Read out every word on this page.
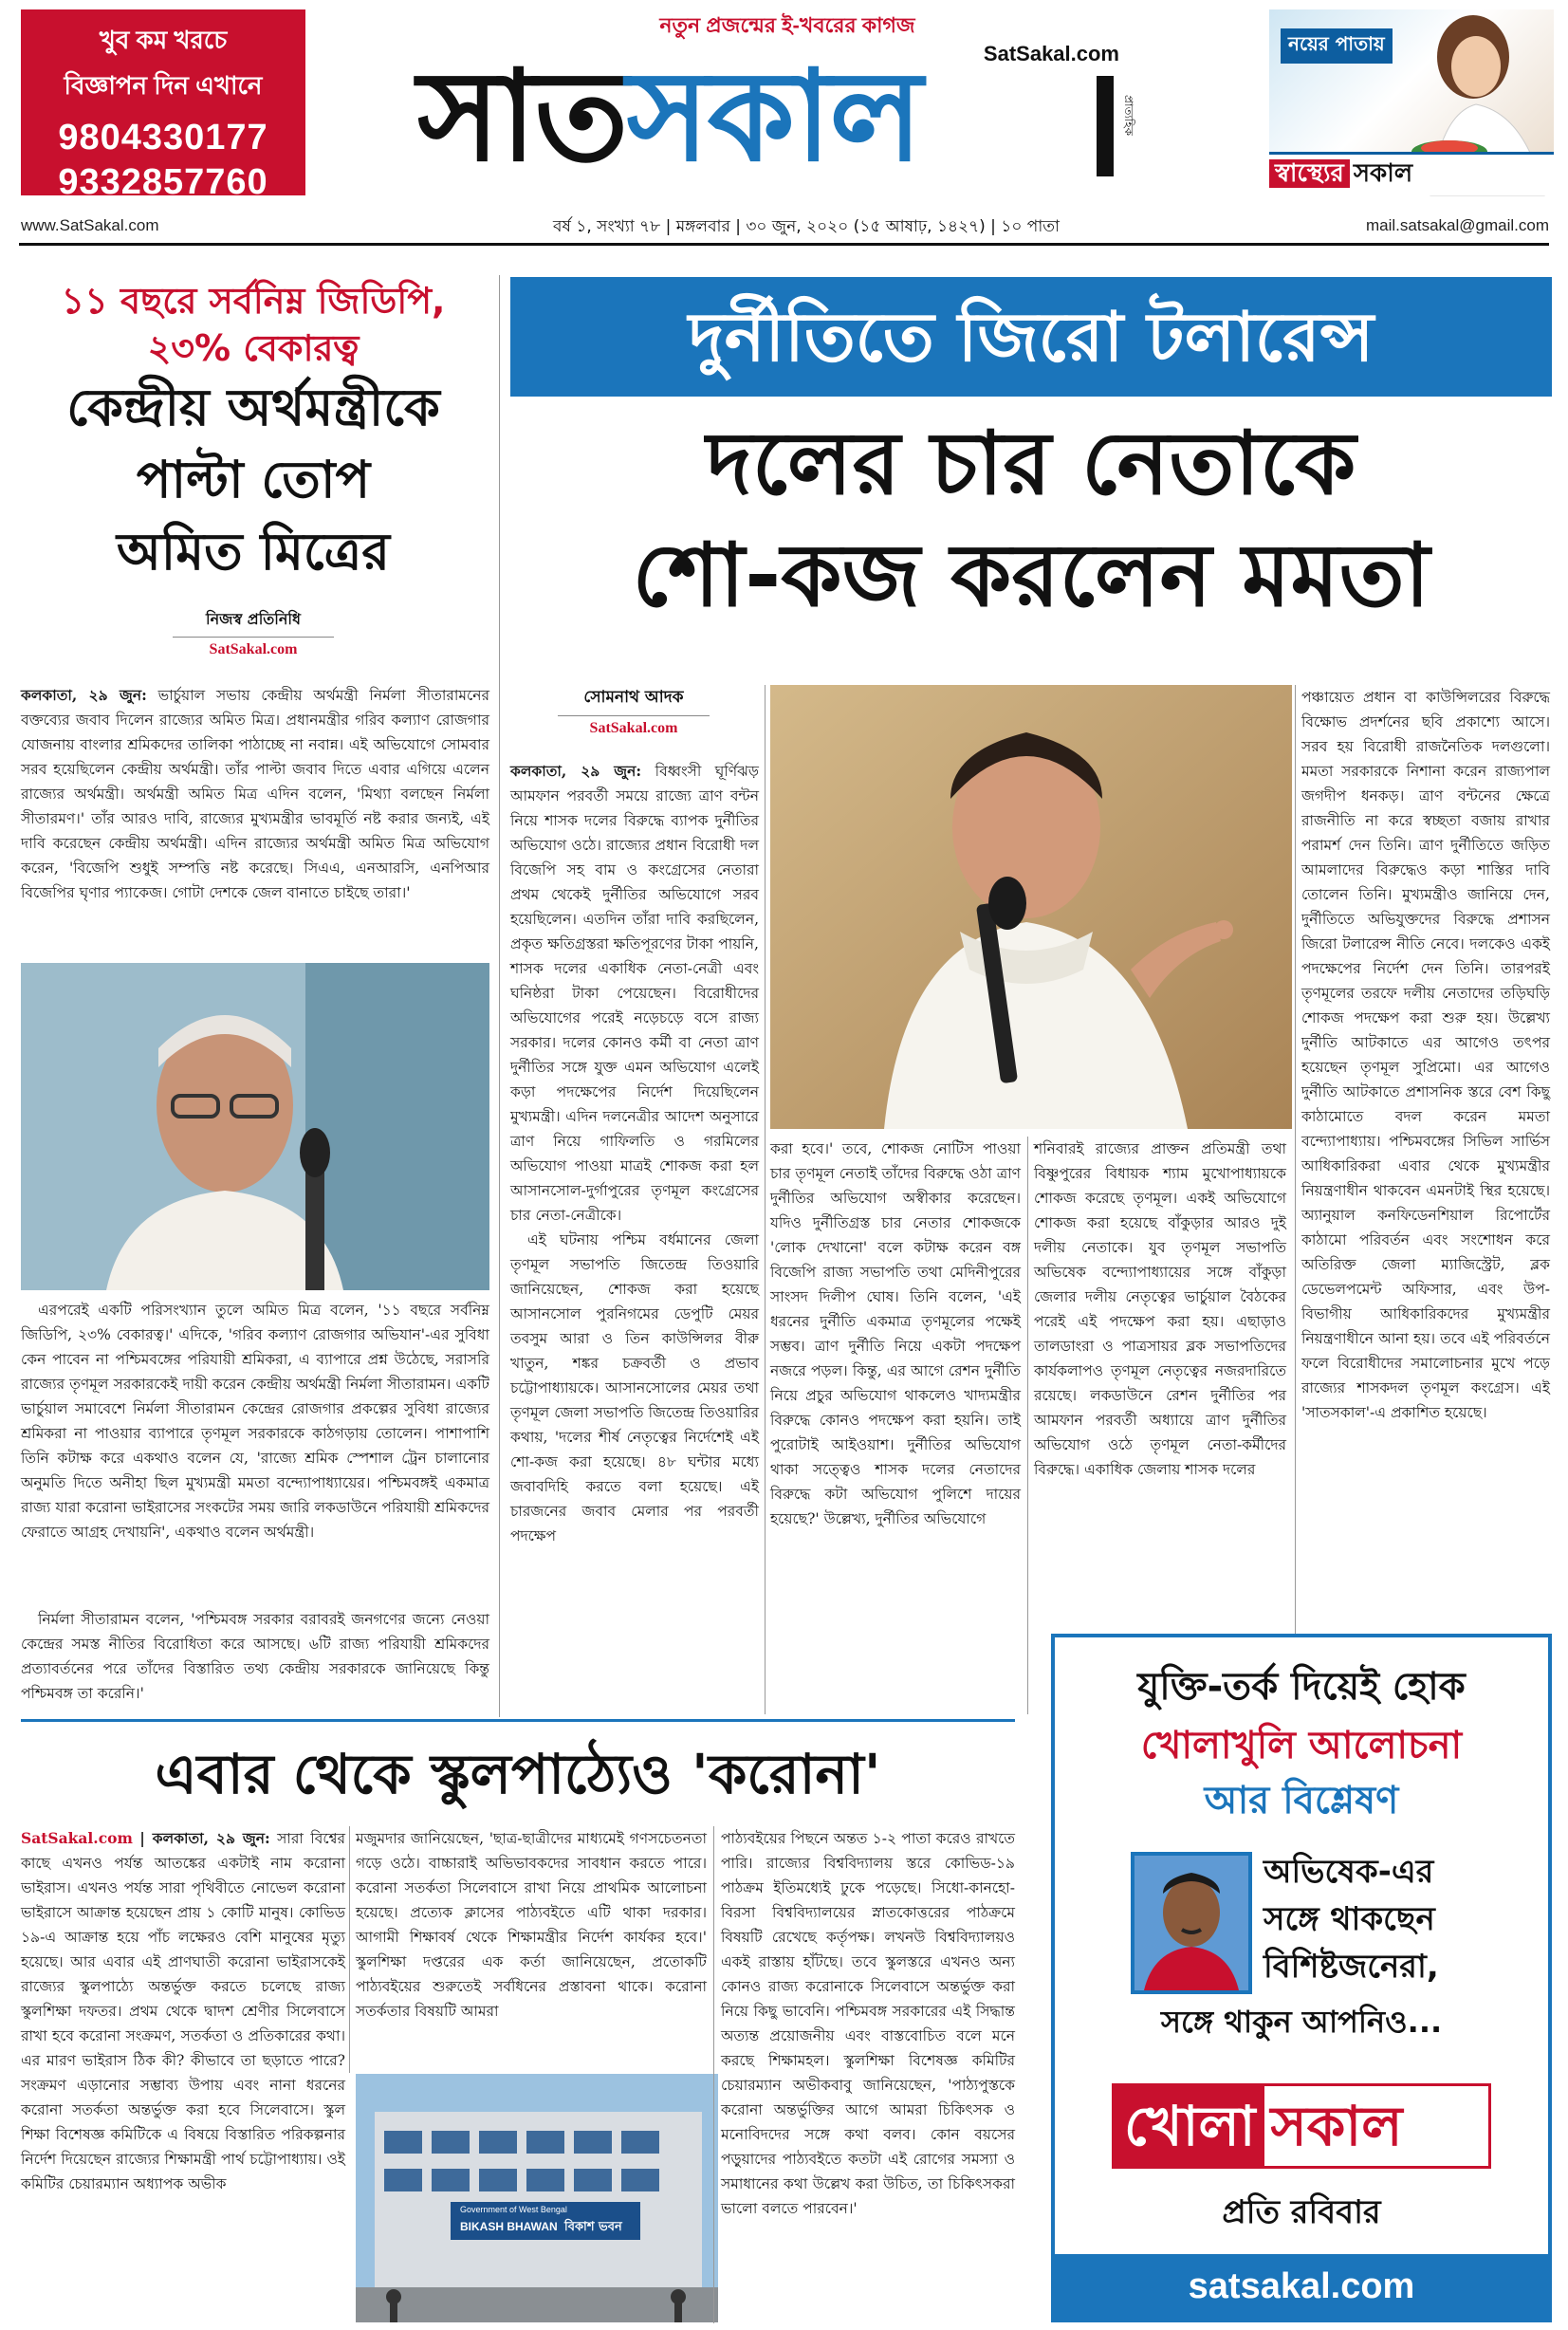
খুব কম খরচে
বিজ্ঞাপন দিন এখানে
9804330177
9332857760
নতুন প্রজন্মের ই-খবরের কাগজ
SatSakal.com
সাতসকাল	প্রাত্যহিক
নয়ের পাতায়
স্বাস্থ্যের সকাল
www.SatSakal.com	বর্ষ ১, সংখ্যা ৭৮ | মঙ্গলবার | ৩০ জুন, ২০২০ (১৫ আষাঢ়, ১৪২৭) | ১০ পাতা	mail.satsakal@gmail.com
১১ বছরে সর্বনিম্ন জিডিপি,
২৩% বেকারত্ব
কেন্দ্রীয় অর্থমন্ত্রীকে
পাল্টা তোপ
অমিত মিত্রের
নিজস্ব প্রতিনিধি
SatSakal.com

কলকাতা, ২৯ জুন: ভার্চুয়াল সভায় কেন্দ্রীয় অর্থমন্ত্রী নির্মলা সীতারামনের বক্তব্যের জবাব দিলেন রাজ্যের অমিত মিত্র। প্রধানমন্ত্রীর গরিব কল্যাণ রোজগার যোজনায় বাংলার শ্রমিকদের তালিকা পাঠাচ্ছে না নবান্ন। এই অভিযোগে সোমবার সরব হয়েছিলেন কেন্দ্রীয় অর্থমন্ত্রী। তাঁর পাল্টা জবাব দিতে এবার এগিয়ে এলেন রাজ্যের অর্থমন্ত্রী। অর্থমন্ত্রী অমিত মিত্র এদিন বলেন, 'মিথ্যা বলছেন নির্মলা সীতারমণ।' তাঁর আরও দাবি, রাজ্যের মুখ্যমন্ত্রীর ভাবমূর্তি নষ্ট করার জন্যই, এই দাবি করেছেন কেন্দ্রীয় অর্থমন্ত্রী। এদিন রাজ্যের অর্থমন্ত্রী অমিত মিত্র অভিযোগ করেন, 'বিজেপি শুধুই সম্পত্তি নষ্ট করেছে। সিএএ, এনআরসি, এনপিআর বিজেপির ঘৃণার প্যাকেজ। গোটা দেশকে জেল বানাতে চাইছে তারা।'

এরপরেই একটি পরিসংখ্যান তুলে অমিত মিত্র বলেন, '১১ বছরে সর্বনিম্ন জিডিপি, ২৩% বেকারত্ব।' এদিকে, 'গরিব কল্যাণ রোজগার অভিযান'-এর সুবিধা কেন পাবেন না পশ্চিমবঙ্গের পরিযায়ী শ্রমিকরা, এ ব্যাপারে প্রশ্ন উঠেছে, সরাসরি রাজ্যের তৃণমূল সরকারকেই দায়ী করেন কেন্দ্রীয় অর্থমন্ত্রী নির্মলা সীতারামন। একটি ভার্চুয়াল সমাবেশে নির্মলা সীতারামন কেন্দ্রের রোজগার প্রকল্পের সুবিধা রাজ্যের শ্রমিকরা না পাওয়ার ব্যাপারে তৃণমূল সরকারকে কাঠগড়ায় তোলেন। পাশাপাশি তিনি কটাক্ষ করে একথাও বলেন যে, 'রাজ্যে শ্রমিক স্পেশাল ট্রেন চালানোর অনুমতি দিতে অনীহা ছিল মুখ্যমন্ত্রী মমতা বন্দ্যোপাধ্যায়ের। পশ্চিমবঙ্গই একমাত্র রাজ্য যারা করোনা ভাইরাসের সংকটের সময় জারি লকডাউনে পরিযায়ী শ্রমিকদের ফেরাতে আগ্রহ দেখায়নি', একথাও বলেন অর্থমন্ত্রী।

নির্মলা সীতারামন বলেন, 'পশ্চিমবঙ্গ সরকার বরাবরই জনগণের জন্যে নেওয়া কেন্দ্রের সমস্ত নীতির বিরোধিতা করে আসছে। ৬টি রাজ্য পরিযায়ী শ্রমিকদের প্রত্যাবর্তনের পরে তাঁদের বিস্তারিত তথ্য কেন্দ্রীয় সরকারকে জানিয়েছে কিন্তু পশ্চিমবঙ্গ তা করেনি।'

দুর্নীতিতে জিরো টলারেন্স
দলের চার নেতাকে
শো-কজ করলেন মমতা
সোমনাথ আদক
SatSakal.com

কলকাতা, ২৯ জুন: বিধ্বংসী ঘূর্ণিঝড় আমফান পরবর্তী সময়ে রাজ্যে ত্রাণ বন্টন নিয়ে শাসক দলের বিরুদ্ধে ব্যাপক দুর্নীতির অভিযোগ ওঠে। রাজ্যের প্রধান বিরোধী দল বিজেপি সহ বাম ও কংগ্রেসের নেতারা প্রথম থেকেই দুর্নীতির অভিযোগে সরব হয়েছিলেন। এতদিন তাঁরা দাবি করছিলেন, প্রকৃত ক্ষতিগ্রস্তরা ক্ষতিপূরণের টাকা পায়নি, শাসক দলের একাধিক নেতা-নেত্রী এবং ঘনিষ্ঠরা টাকা পেয়েছেন। বিরোধীদের অভিযোগের পরেই নড়েচড়ে বসে রাজ্য সরকার। দলের কোনও কর্মী বা নেতা ত্রাণ দুর্নীতির সঙ্গে যুক্ত এমন অভিযোগ এলেই কড়া পদক্ষেপের নির্দেশ দিয়েছিলেন মুখ্যমন্ত্রী। এদিন দলনেত্রীর আদেশ অনুসারে ত্রাণ নিয়ে গাফিলতি ও গরমিলের অভিযোগ পাওয়া মাত্রই শোকজ করা হল আসানসোল-দুর্গাপুরের তৃণমূল কংগ্রেসের চার নেতা-নেত্রীকে।

এই ঘটনায় পশ্চিম বর্ধমানের জেলা তৃণমূল সভাপতি জিতেন্দ্র তিওয়ারি জানিয়েছেন, শোকজ করা হয়েছে আসানসোল পুরনিগমের ডেপুটি মেয়র তবসুম আরা ও তিন কাউন্সিলর বীরু খাতুন, শঙ্কর চক্রবর্তী ও প্রভাব চট্টোপাধ্যায়কে। আসানসোলের মেয়র তথা তৃণমূল জেলা সভাপতি জিতেন্দ্র তিওয়ারির কথায়, 'দলের শীর্ষ নেতৃত্বের নির্দেশেই এই শো-কজ করা হয়েছে। ৪৮ ঘন্টার মধ্যে জবাবদিহি করতে বলা হয়েছে। এই চারজনের জবাব মেলার পর পরবর্তী পদক্ষেপ

করা হবে।' তবে, শোকজ নোটিস পাওয়া চার তৃণমূল নেতাই তাঁদের বিরুদ্ধে ওঠা ত্রাণ দুর্নীতির অভিযোগ অস্বীকার করেছেন। যদিও দুর্নীতিগ্রস্ত চার নেতার শোকজকে 'লোক দেখানো' বলে কটাক্ষ করেন বঙ্গ বিজেপি রাজ্য সভাপতি তথা মেদিনীপুরের সাংসদ দিলীপ ঘোষ। তিনি বলেন, 'এই ধরনের দুর্নীতি একমাত্র তৃণমূলের পক্ষেই সম্ভব। ত্রাণ দুর্নীতি নিয়ে একটা পদক্ষেপ নজরে পড়ল। কিন্তু, এর আগে রেশন দুর্নীতি নিয়ে প্রচুর অভিযোগ থাকলেও খাদ্যমন্ত্রীর বিরুদ্ধে কোনও পদক্ষেপ করা হয়নি। তাই পুরোটাই আইওয়াশ। দুর্নীতির অভিযোগ থাকা সত্ত্বেও শাসক দলের নেতাদের বিরুদ্ধে কটা অভিযোগ পুলিশে দায়ের হয়েছে?' উল্লেখ্য, দুর্নীতির অভিযোগে

শনিবারই রাজ্যের প্রাক্তন প্রতিমন্ত্রী তথা বিষ্ণুপুরের বিধায়ক শ্যাম মুখোপাধ্যায়কে শোকজ করেছে তৃণমূল। একই অভিযোগে শোকজ করা হয়েছে বাঁকুড়ার আরও দুই দলীয় নেতাকে। যুব তৃণমূল সভাপতি অভিষেক বন্দ্যোপাধ্যায়ের সঙ্গে বাঁকুড়া জেলার দলীয় নেতৃত্বের ভার্চুয়াল বৈঠকের পরেই এই পদক্ষেপ করা হয়। এছাড়াও তালডাংরা ও পাত্রসায়র ব্লক সভাপতিদের কার্যকলাপও তৃণমূল নেতৃত্বের নজরদারিতে রয়েছে। লকডাউনে রেশন দুর্নীতির পর আমফান পরবর্তী অধ্যায়ে ত্রাণ দুর্নীতির অভিযোগ ওঠে তৃণমূল নেতা-কর্মীদের বিরুদ্ধে। একাধিক জেলায় শাসক দলের

পঞ্চায়েত প্রধান বা কাউন্সিলরের বিরুদ্ধে বিক্ষোভ প্রদর্শনের ছবি প্রকাশ্যে আসে। সরব হয় বিরোধী রাজনৈতিক দলগুলো। মমতা সরকারকে নিশানা করেন রাজ্যপাল জগদীপ ধনকড়। ত্রাণ বন্টনের ক্ষেত্রে রাজনীতি না করে স্বচ্ছতা বজায় রাখার পরামর্শ দেন তিনি। ত্রাণ দুর্নীতিতে জড়িত আমলাদের বিরুদ্ধেও কড়া শাস্তির দাবি তোলেন তিনি। মুখ্যমন্ত্রীও জানিয়ে দেন, দুর্নীতিতে অভিযুক্তদের বিরুদ্ধে প্রশাসন জিরো টলারেন্স নীতি নেবে। দলকেও একই পদক্ষেপের নির্দেশ দেন তিনি। তারপরই তৃণমূলের তরফে দলীয় নেতাদের তড়িঘড়ি শোকজ পদক্ষেপ করা শুরু হয়। উল্লেখ্য দুর্নীতি আটকাতে এর আগেও তৎপর হয়েছেন তৃণমূল সুপ্রিমো। এর আগেও দুর্নীতি আটকাতে প্রশাসনিক স্তরে বেশ কিছু কাঠামোতে বদল করেন মমতা বন্দ্যোপাধ্যায়। পশ্চিমবঙ্গের সিভিল সার্ভিস আধিকারিকরা এবার থেকে মুখ্যমন্ত্রীর নিয়ন্ত্রণাধীন থাকবেন এমনটাই স্থির হয়েছে। অ্যানুয়াল কনফিডেনশিয়াল রিপোর্টের কাঠামো পরিবর্তন এবং সংশোধন করে অতিরিক্ত জেলা ম্যাজিস্ট্রেট, ব্লক ডেভেলপমেন্ট অফিসার, এবং উপ-বিভাগীয় আধিকারিকদের মুখ্যমন্ত্রীর নিয়ন্ত্রণাধীনে আনা হয়। তবে এই পরিবর্তনে ফলে বিরোধীদের সমালোচনার মুখে পড়ে রাজ্যের শাসকদল তৃণমূল কংগ্রেস। এই 'সাতসকাল'-এ প্রকাশিত হয়েছে।

এবার থেকে স্কুলপাঠ্যেও 'করোনা'

SatSakal.com | কলকাতা, ২৯ জুন: সারা বিশ্বের কাছে এখনও পর্যন্ত আতঙ্কের একটাই নাম করোনা ভাইরাস। এখনও পর্যন্ত সারা পৃথিবীতে নোভেল করোনা ভাইরাসে আক্রান্ত হয়েছেন প্রায় ১ কোটি মানুষ। কোভিড ১৯-এ আক্রান্ত হয়ে পাঁচ লক্ষেরও বেশি মানুষের মৃত্যু হয়েছে। আর এবার এই প্রাণঘাতী করোনা ভাইরাসকেই রাজ্যের স্কুলপাঠ্যে অন্তর্ভুক্ত করতে চলেছে রাজ্য স্কুলশিক্ষা দফতর। প্রথম থেকে দ্বাদশ শ্রেণীর সিলেবাসে রাখা হবে করোনা সংক্রমণ, সতর্কতা ও প্রতিকারের কথা। এর মারণ ভাইরাস ঠিক কী? কীভাবে তা ছড়াতে পারে? সংক্রমণ এড়ানোর সম্ভাব্য উপায় এবং নানা ধরনের করোনা সতর্কতা অন্তর্ভুক্ত করা হবে সিলেবাসে। স্কুল শিক্ষা বিশেষজ্ঞ কমিটিকে এ বিষয়ে বিস্তারিত পরিকল্পনার নির্দেশ দিয়েছেন রাজ্যের শিক্ষামন্ত্রী পার্থ চট্টোপাধ্যায়। ওই কমিটির চেয়ারম্যান অধ্যাপক অভীক

Government of West Bengal
BIKASH BHAWAN বিকাশ ভবন

মজুমদার জানিয়েছেন, 'ছাত্র-ছাত্রীদের মাধ্যমেই গণসচেতনতা গড়ে ওঠে। বাচ্চারাই অভিভাবকদের সাবধান করতে পারে। করোনা সতর্কতা সিলেবাসে রাখা নিয়ে প্রাথমিক আলোচনা হয়েছে। প্রত্যেক ক্লাসের পাঠ্যবইতে এটি থাকা দরকার। আগামী শিক্ষাবর্ষ থেকে শিক্ষামন্ত্রীর নির্দেশ কার্যকর হবে।' স্কুলশিক্ষা দপ্তরের এক কর্তা জানিয়েছেন, প্রতোকটি পাঠ্যবইয়ের শুরুতেই সর্বধিনের প্রস্তাবনা থাকে। করোনা সতর্কতার বিষয়টি আমরা

পাঠ্যবইয়ের পিছনে অন্তত ১-২ পাতা করেও রাখতে পারি। রাজ্যের বিশ্ববিদ্যালয় স্তরে কোভিড-১৯ পাঠক্রম ইতিমধ্যেই ঢুকে পড়েছে। সিধো-কানহো-বিরসা বিশ্ববিদ্যালয়ের স্নাতকোত্তরের পাঠক্রমে বিষয়টি রেখেছে কর্তৃপক্ষ। লখনউ বিশ্ববিদ্যালয়ও একই রাস্তায় হাঁটছে। তবে স্কুলস্তরে এখনও অন্য কোনও রাজ্য করোনাকে সিলেবাসে অন্তর্ভুক্ত করা নিয়ে কিছু ভাবেনি। পশ্চিমবঙ্গ সরকারের এই সিদ্ধান্ত অত্যন্ত প্রয়োজনীয় এবং বাস্তবোচিত বলে মনে করছে শিক্ষামহল। স্কুলশিক্ষা বিশেষজ্ঞ কমিটির চেয়ারম্যান অভীকবাবু জানিয়েছেন, 'পাঠ্যপুস্তকে করোনা অন্তর্ভুক্তির আগে আমরা চিকিৎসক ও মনোবিদদের সঙ্গে কথা বলব। কোন বয়সের পড়ুয়াদের পাঠ্যবইতে কতটা এই রোগের সমস্যা ও সমাধানের কথা উল্লেখ করা উচিত, তা চিকিৎসকরা ভালো বলতে পারবেন।'

যুক্তি-তর্ক দিয়েই হোক
খোলাখুলি আলোচনা
আর বিশ্লেষণ
অভিষেক-এর
সঙ্গে থাকছেন
বিশিষ্টজনেরা,
সঙ্গে থাকুন আপনিও...
খোলা সকাল
প্রতি রবিবার
satsakal.com
